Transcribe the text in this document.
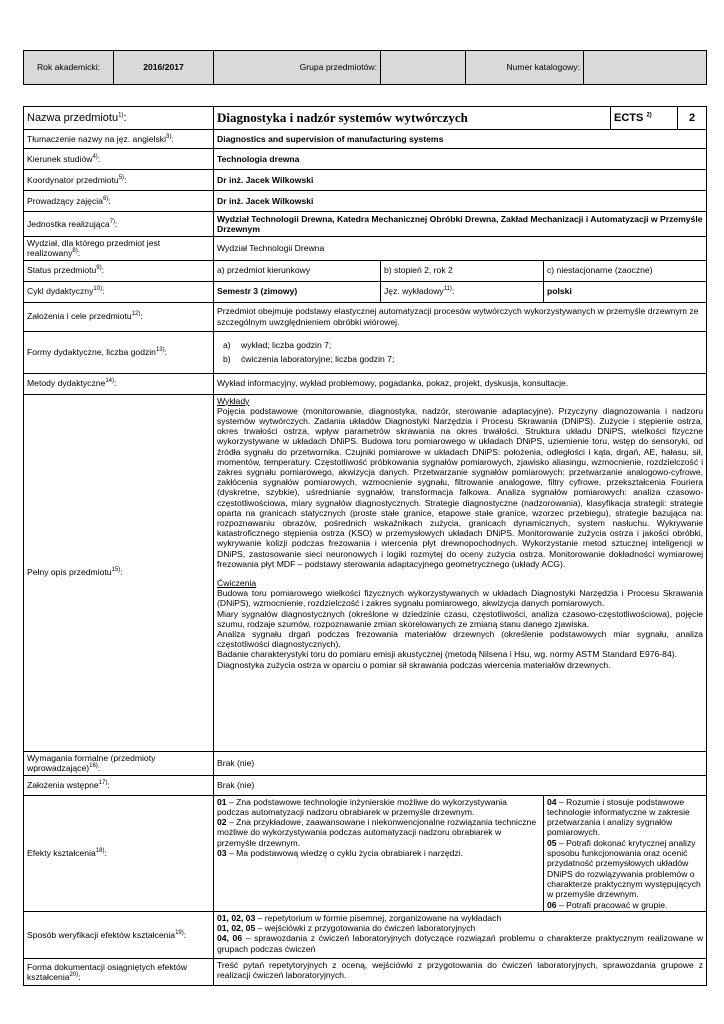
Rok akademicki:	2016/2017	Grupa przedmiotów:		Numer katalogowy:	
Nazwa przedmiotu$^{1)}$:	Diagnostyka i nadzór systemów wytwórczych		ECTS $^{2)}$	2

Tłumaczenie nazwy na jęz. angielski$^{3)}$:	Diagnostics and supervision of manufacturing systems
Kierunek studiów$^{4)}$:	Technologia drewna
Koordynator przedmiotu$^{5)}$:	Dr inż. Jacek Wilkowski
Prowadzący zajęcia$^{6)}$:	Dr inż. Jacek Wilkowski
Jednostka realizująca$^{7)}$:	Wydział Technologii Drewna, Katedra Mechanicznej Obróbki Drewna, Zakład Mechanizacji i Automatyzacji w Przemyśle Drzewnym
Wydział, dla którego przedmiot jest realizowany$^{8)}$:	Wydział Technologii Drewna
Status przedmiotu$^{9)}$:	a) przedmiot kierunkowy	b) stopień 2, rok 2	c) niestacjonarne (zaoczne)
Cykl dydaktyczny$^{10)}$:	Semestr 3 (zimowy)	Jęz. wykładowy$^{11)}$:	polski
Założenia i cele przedmiotu$^{12)}$:	Przedmiot obejmuje podstawy elastycznej automatyzacji procesów wytwórczych wykorzystywanych w przemyśle drzewnym ze szczególnym uwzględnieniem obróbki wiórowej.
Formy dydaktyczne, liczba godzin$^{13)}$:	

a) wykład; liczba godzin 7;

b) ćwiczenia laboratoryjne; liczba godzin 7;

Metody dydaktyczne$^{14)}$:	Wykład informacyjny, wykład problemowy, pogadanka, pokaz, projekt, dyskusja, konsultacje.
Pełny opis przedmiotu$^{15)}$:	

Wykłady

Pojęcia podstawowe (monitorowanie, diagnostyka, nadzór, sterowanie adaptacyjne). Przyczyny diagnozowania i nadzoru systemów wytwórczych. Zadania układów Diagnostyki Narzędzia i Procesu Skrawania (DNiPS). Zużycie i stępienie ostrza, okres trwałości ostrza, wpływ parametrów skrawania na okres trwałości. Struktura układu DNiPS, wielkości fizyczne wykorzystywane w układach DNiPS. Budowa toru pomiarowego w układach DNiPS, uziemienie toru, wstęp do sensoryki, od źródła sygnału do przetwornika. Czujniki pomiarowe w układach DNiPS: położenia, odległości i kąta, drgań, AE, hałasu, sił, momentów, temperatury. Częstotliwość próbkowania sygnałów pomiarowych, zjawisko aliasingu, wzmocnienie, rozdzielczość i zakres sygnału pomiarowego, akwizycja danych. Przetwarzanie sygnałów pomiarowych: przetwarzanie analogowo-cyfrowe, zakłócenia sygnałów pomiarowych, wzmocnienie sygnału, filtrowanie analogowe, filtry cyfrowe, przekształcenia Fouriera (dyskretne, szybkie), uśrednianie sygnałów, transformacja falkowa. Analiza sygnałów pomiarowych: analiza czasowo-częstotliwościowa, miary sygnałów diagnostycznych. Strategie diagnostyczne (nadzorowania), klasyfikacja strategii: strategie oparta na granicach statycznych (proste stałe granice, etapowe stałe granice, wzorzec przebiegu), strategie bazująca na: rozpoznawaniu obrazów, pośrednich wskaźnikach zużycia, granicach dynamicznych, system nasłuchu. Wykrywanie katastroficznego stępienia ostrza (KSO) w przemysłowych układach DNiPS. Monitorowanie zużycia ostrza i jakości obróbki, wykrywanie kolizji podczas frezowania i wiercenia płyt drewnopochodnych. Wykorzystanie metod sztucznej inteligencji w DNiPS, zastosowanie sieci neuronowych i logiki rozmytej do oceny zużycia ostrza. Monitorowanie dokładności wymiarowej frezowania płyt MDF – podstawy sterowania adaptacyjnego geometrycznego (układy ACG).

Ćwiczenia

Budowa toru pomiarowego wielkości fizycznych wykorzystywanych w układach Diagnostyki Narzędzia i Procesu Skrawania (DNiPS), wzmocnienie, rozdzielczość i zakres sygnału pomiarowego, akwizycja danych pomiarowych.

Miary sygnałów diagnostycznych (określone w dziedzinie czasu, częstotliwości, analiza czasowo-częstotliwościowa), pojęcie szumu, rodzaje szumów, rozpoznawanie zmian skorelowanych ze zmianą stanu danego zjawiska.

Analiza sygnału drgań podczas frezowania materiałów drzewnych (określenie podstawowych miar sygnału, analiza częstotliwości diagnostycznych).

Badanie charakterystyki toru do pomiaru emisji akustycznej (metodą Nilsena i Hsu, wg. normy ASTM Standard E976-84).

Diagnostyka zużycia ostrza w oparciu o pomiar sił skrawania podczas wiercenia materiałów drzewnych.

Wymagania formalne (przedmioty wprowadzające)$^{16)}$:	Brak (nie)
Założenia wstępne$^{17)}$:	Brak (nie)
Efekty kształcenia$^{18)}$:	

01 – Zna podstawowe technologie inżynierskie możliwe do wykorzystywania podczas automatyzacji nadzoru obrabiarek w przemyśle drzewnym.

02 – Zna przykładowe, zaawansowane i niekonwencjonalne rozwiązania techniczne możliwe do wykorzystywania podczas automatyzacji nadzoru obrabiarek w przemyśle drzewnym.

03 – Ma podstawową wiedzę o cyklu życia obrabiarek i narzędzi.

04 – Rozumie i stosuje podstawowe technologie informatyczne w zakresie przetwarzania i analizy sygnałów pomiarowych.

05 – Potrafi dokonać krytycznej analizy sposobu funkcjonowania oraz ocenić przydatność przemysłowych układów DNiPS do rozwiązywania problemów o charakterze praktycznym występujących w przemyśle drzewnym.

06 – Potrafi pracować w grupie.

Sposób weryfikacji efektów kształcenia$^{19)}$:	

01, 02, 03 – repetytorium w formie pisemnej, zorganizowane na wykładach

01, 02, 05 – wejściówki z przygotowania do ćwiczeń laboratoryjnych

04, 06 – sprawozdania z ćwiczeń laboratoryjnych dotyczące rozwiązań problemu o charakterze praktycznym realizowane w grupach podczas ćwiczeń

Forma dokumentacji osiągniętych efektów kształcenia$^{20)}$:	Treść pytań repetytoryjnych z oceną, wejściówki z przygotowania do ćwiczeń laboratoryjnych, sprawozdania grupowe z realizacji ćwiczeń laboratoryjnych.
